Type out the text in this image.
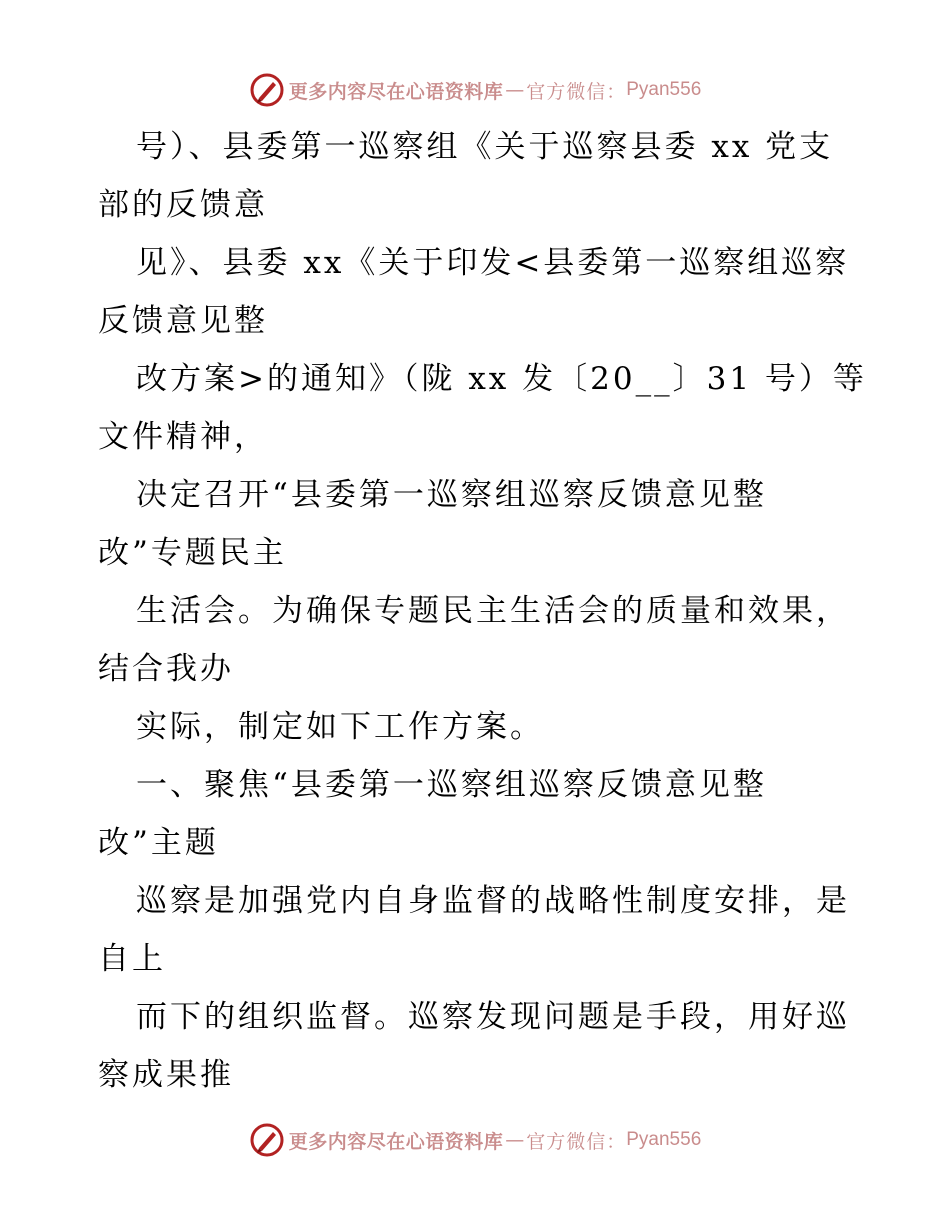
更多内容尽在心语资料库 — 官方微信： Pyan556
号）、县委第一巡察组《关于巡察县委 xx 党支
部的反馈意
见》、县委 xx《关于印发<县委第一巡察组巡察
反馈意见整
改方案>的通知》（陇 xx 发〔20__〕31 号）等
文件精神，
决定召开“县委第一巡察组巡察反馈意见整
改”专题民主
生活会。为确保专题民主生活会的质量和效果，
结合我办
实际，制定如下工作方案。
一、聚焦“县委第一巡察组巡察反馈意见整
改”主题
巡察是加强党内自身监督的战略性制度安排，是
自上
而下的组织监督。巡察发现问题是手段，用好巡
察成果推
更多内容尽在心语资料库 — 官方微信： Pyan556
